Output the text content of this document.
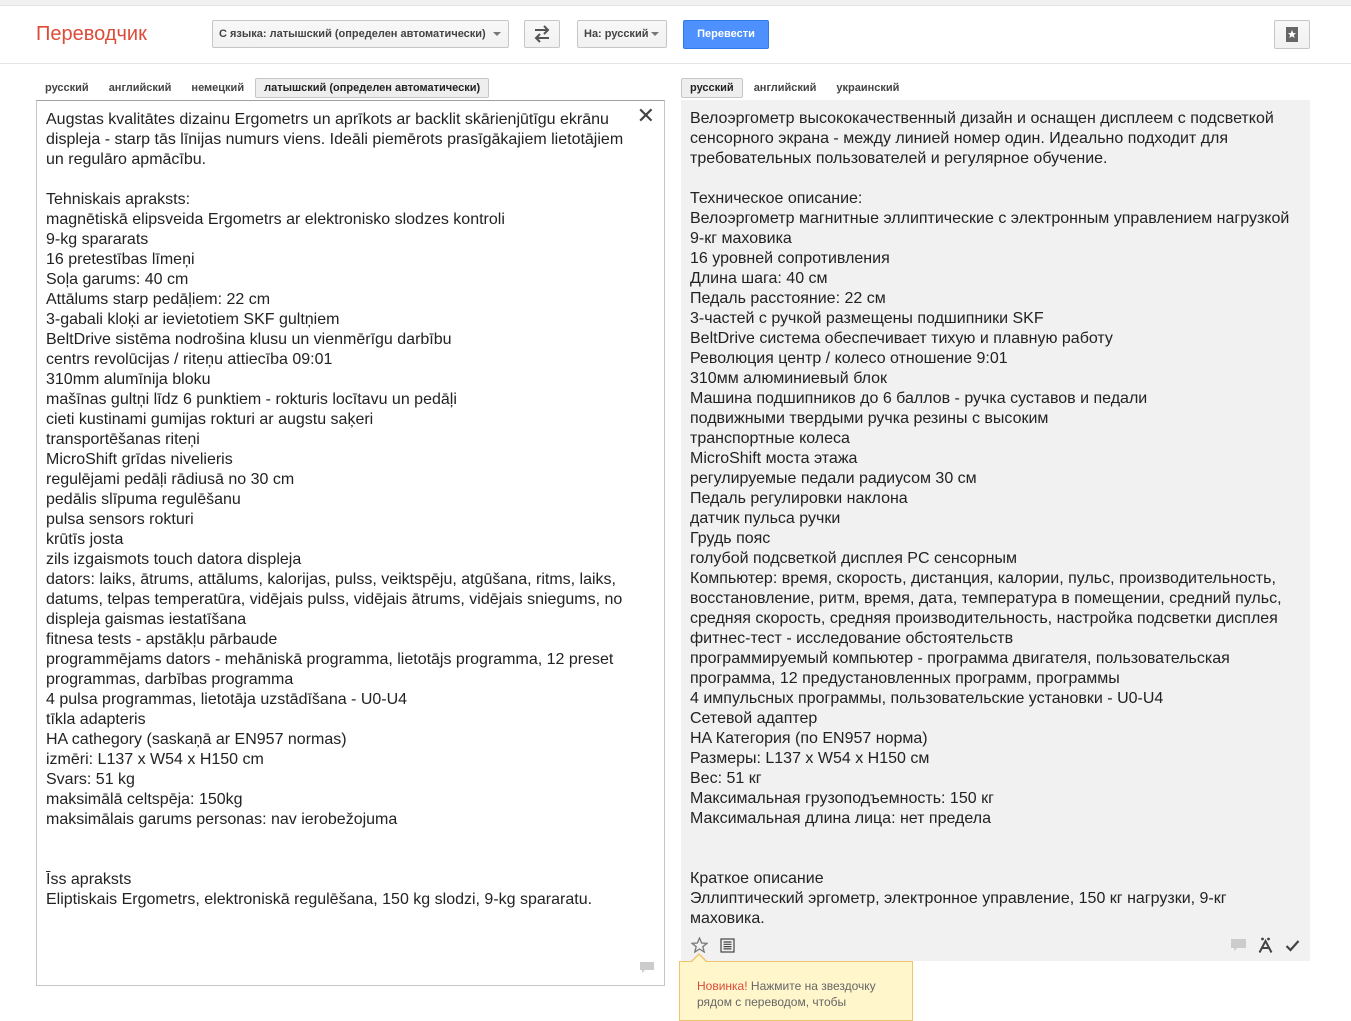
Переводчик	С языка: латышский (определен автоматически)	На: русский	Перевести
русский	английский	немецкий	латышский (определен автоматически)	русский	английский	украинский
Augstas kvalitātes dizainu Ergometrs un aprīkots ar backlit skārienjūtīgu ekrānu
displeja - starp tās līnijas numurs viens. Ideāli piemērots prasīgākajiem lietotājiem
un regulāro apmācību.

Tehniskais apraksts:
magnētiskā elipsveida Ergometrs ar elektronisko slodzes kontroli
9-kg spararats
16 pretestības līmeņi
Soļa garums: 40 cm
Attālums starp pedāļiem: 22 cm
3-gabali kloķi ar ievietotiem SKF gultņiem
BeltDrive sistēma nodrošina klusu un vienmērīgu darbību
centrs revolūcijas / riteņu attiecība 09:01
310mm alumīnija bloku
mašīnas gultņi līdz 6 punktiem - rokturis locītavu un pedāļi
cieti kustinami gumijas rokturi ar augstu saķeri
transportēšanas riteņi
MicroShift grīdas nivelieris
regulējami pedāļi rādiusā no 30 cm
pedālis slīpuma regulēšanu
pulsa sensors rokturi
krūtīs josta
zils izgaismots touch datora displeja
dators: laiks, ātrums, attālums, kalorijas, pulss, veiktspēju, atgūšana, ritms, laiks,
datums, telpas temperatūra, vidējais pulss, vidējais ātrums, vidējais sniegums, no
displeja gaismas iestatīšana
fitnesa tests - apstākļu pārbaude
programmējams dators - mehāniskā programma, lietotājs programma, 12 preset
programmas, darbības programma
4 pulsa programmas, lietotāja uzstādīšana - U0-U4
tīkla adapteris
HA cathegory (saskaņā ar EN957 normas)
izmēri: L137 x W54 x H150 cm
Svars: 51 kg
maksimālā celtspēja: 150kg
maksimālais garums personas: nav ierobežojuma

Īss apraksts
Eliptiskais Ergometrs, elektroniskā regulēšana, 150 kg slodzi, 9-kg spararatu.
✕ Велоэргометр высококачественный дизайн и оснащен дисплеем с подсветкой
сенсорного экрана - между линией номер один. Идеально подходит для
требовательных пользователей и регулярное обучение.

Техническое описание:
Велоэргометр магнитные эллиптические с электронным управлением нагрузкой
9-кг маховика
16 уровней сопротивления
Длина шага: 40 см
Педаль расстояние: 22 см
3-частей с ручкой размещены подшипники SKF
BeltDrive система обеспечивает тихую и плавную работу
Революция центр / колесо отношение 9:01
310мм алюминиевый блок
Машина подшипников до 6 баллов - ручка суставов и педали
подвижными твердыми ручка резины с высоким
транспортные колеса
MicroShift моста этажа
регулируемые педали радиусом 30 см
Педаль регулировки наклона
датчик пульса ручки
Грудь пояс
голубой подсветкой дисплея PC сенсорным
Компьютер: время, скорость, дистанция, калории, пульс, производительность,
восстановление, ритм, время, дата, температура в помещении, средний пульс,
средняя скорость, средняя производительность, настройка подсветки дисплея
фитнес-тест - исследование обстоятельств
программируемый компьютер - программа двигателя, пользовательская
программа, 12 предустановленных программ, программы
4 импульсных программы, пользовательские установки - U0-U4
Сетевой адаптер
HA Категория (по EN957 норма)
Размеры: L137 x W54 x H150 см
Вес: 51 кг
Максимальная грузоподъемность: 150 кг
Максимальная длина лица: нет предела

Краткое описание
Эллиптический эргометр, электронное управление, 150 кг нагрузки, 9-кг
маховика.
Новинка! Нажмите на звездочку рядом с переводом, чтобы
